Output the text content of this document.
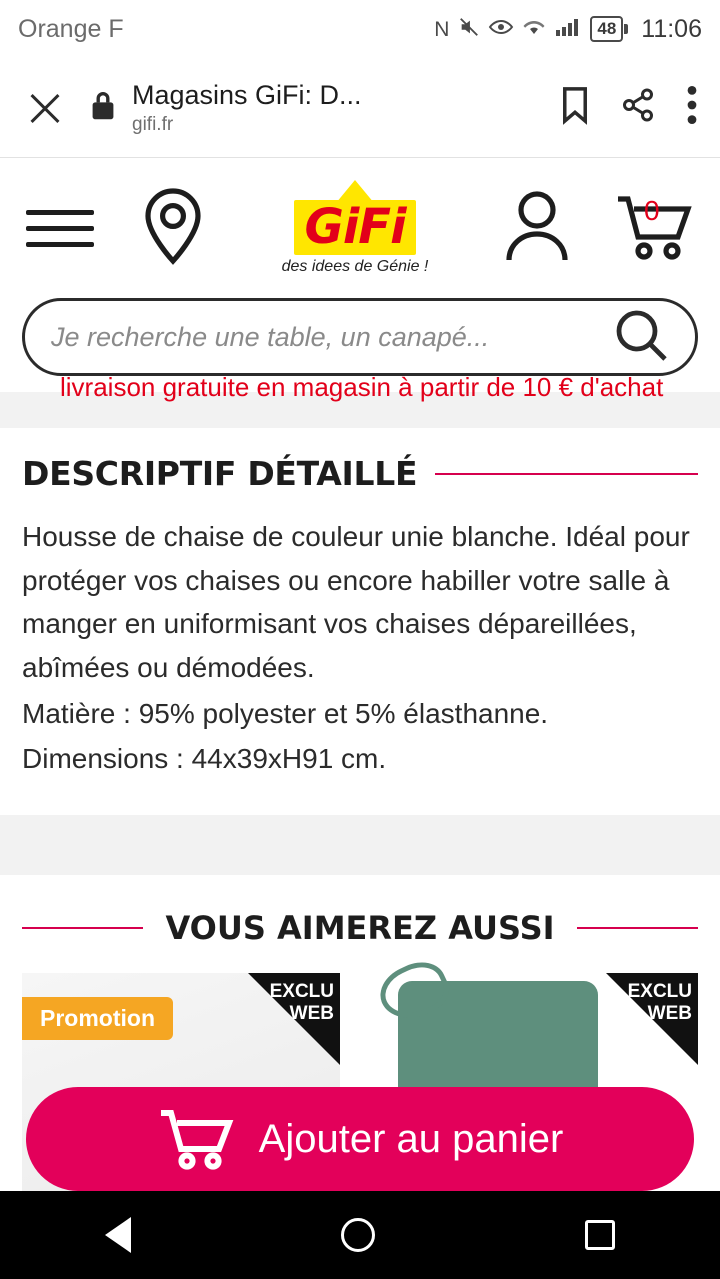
Orange F	N	48 11:06
Magasins GiFi: D...
gifi.fr
GiFi
des idees de Génie !
0
Je recherche une table, un canapé...
livraison gratuite en magasin à partir de 10 € d'achat
DESCRIPTIF DÉTAILLÉ

Housse de chaise de couleur unie blanche. Idéal pour protéger vos chaises ou encore habiller votre salle à manger en uniformisant vos chaises dépareillées, abîmées ou démodées.

Matière : 95% polyester et 5% élasthanne.

Dimensions : 44x39xH91 cm.

VOUS AIMEREZ AUSSI
Promotion
EXCLU
WEB
EXCLU
WEB
Ajouter au panier
